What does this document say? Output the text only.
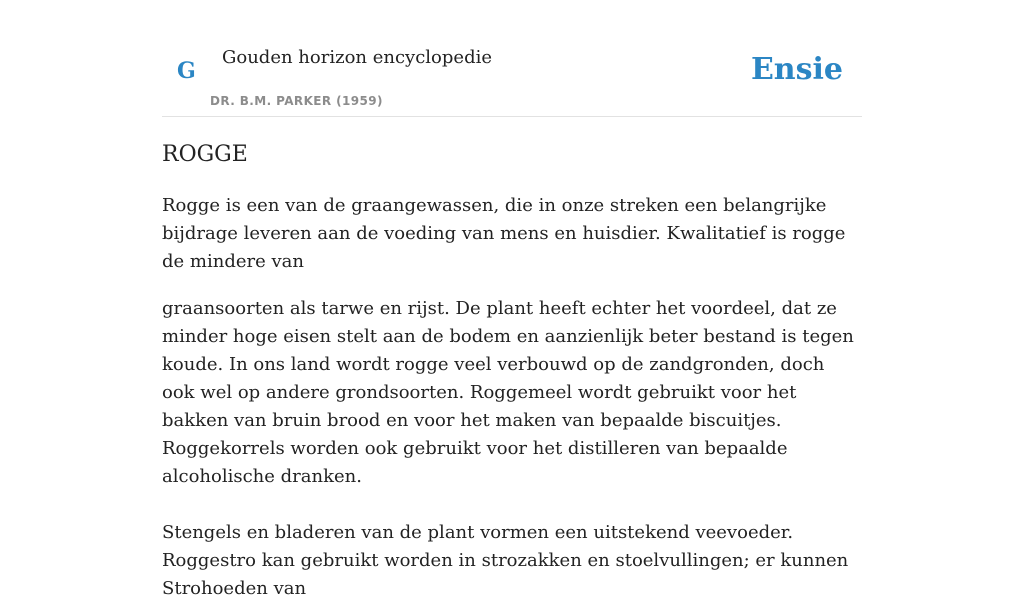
G
Gouden horizon encyclopedie
DR. B.M. PARKER (1959)
Ensie
ROGGE

Rogge is een van de graangewassen, die in onze streken een belangrijke bijdrage leveren aan de voeding van mens en huisdier. Kwalitatief is rogge de mindere van

graansoorten als tarwe en rijst. De plant heeft echter het voordeel, dat ze minder hoge eisen stelt aan de bodem en aanzienlijk beter bestand is tegen koude. In ons land wordt rogge veel verbouwd op de zandgronden, doch ook wel op andere grondsoorten. Roggemeel wordt gebruikt voor het bakken van bruin brood en voor het maken van bepaalde biscuitjes. Roggekorrels worden ook gebruikt voor het distilleren van bepaalde alcoholische dranken.

Stengels en bladeren van de plant vormen een uitstekend veevoeder. Roggestro kan gebruikt worden in strozakken en stoelvullingen; er kunnen Strohoeden van
